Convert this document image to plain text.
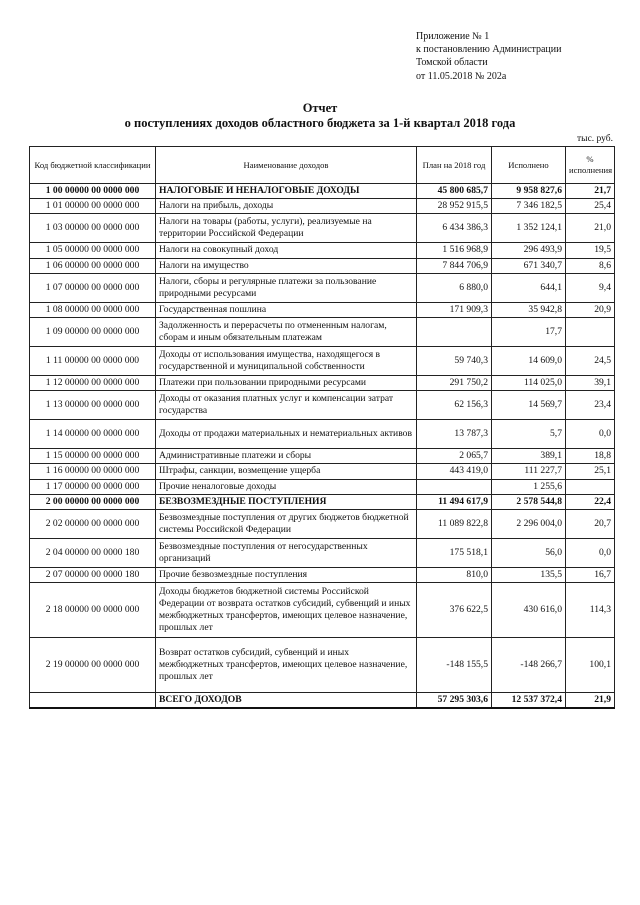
Приложение № 1
к постановлению Администрации
Томской области
от 11.05.2018 № 202а
Отчет
о поступлениях доходов областного бюджета за 1-й квартал 2018 года
тыс. руб.
Код бюджетной классификации	Наименование доходов	План на 2018 год	Исполнено	% исполнения
1 00 00000 00 0000 000	НАЛОГОВЫЕ И НЕНАЛОГОВЫЕ ДОХОДЫ	45 800 685,7	9 958 827,6	21,7
1 01 00000 00 0000 000	Налоги на прибыль, доходы	28 952 915,5	7 346 182,5	25,4
1 03 00000 00 0000 000	Налоги на товары (работы, услуги), реализуемые на территории Российской Федерации	6 434 386,3	1 352 124,1	21,0
1 05 00000 00 0000 000	Налоги на совокупный доход	1 516 968,9	296 493,9	19,5
1 06 00000 00 0000 000	Налоги на имущество	7 844 706,9	671 340,7	8,6
1 07 00000 00 0000 000	Налоги, сборы и регулярные платежи за пользование природными ресурсами	6 880,0	644,1	9,4
1 08 00000 00 0000 000	Государственная пошлина	171 909,3	35 942,8	20,9
1 09 00000 00 0000 000	Задолженность и перерасчеты по отмененным налогам, сборам и иным обязательным платежам		17,7	
1 11 00000 00 0000 000	Доходы от использования имущества, находящегося в государственной и муниципальной собственности	59 740,3	14 609,0	24,5
1 12 00000 00 0000 000	Платежи при пользовании природными ресурсами	291 750,2	114 025,0	39,1
1 13 00000 00 0000 000	Доходы от оказания платных услуг и компенсации затрат государства	62 156,3	14 569,7	23,4
1 14 00000 00 0000 000	Доходы от продажи материальных и нематериальных активов	13 787,3	5,7	0,0
1 15 00000 00 0000 000	Административные платежи и сборы	2 065,7	389,1	18,8
1 16 00000 00 0000 000	Штрафы, санкции, возмещение ущерба	443 419,0	111 227,7	25,1
1 17 00000 00 0000 000	Прочие неналоговые доходы		1 255,6	
2 00 00000 00 0000 000	БЕЗВОЗМЕЗДНЫЕ ПОСТУПЛЕНИЯ	11 494 617,9	2 578 544,8	22,4
2 02 00000 00 0000 000	Безвозмездные поступления от других бюджетов бюджетной системы Российской Федерации	11 089 822,8	2 296 004,0	20,7
2 04 00000 00 0000 180	Безвозмездные поступления от негосударственных организаций	175 518,1	56,0	0,0
2 07 00000 00 0000 180	Прочие безвозмездные поступления	810,0	135,5	16,7
2 18 00000 00 0000 000	Доходы бюджетов бюджетной системы Российской Федерации от возврата остатков субсидий, субвенций и иных межбюджетных трансфертов, имеющих целевое назначение, прошлых лет	376 622,5	430 616,0	114,3
2 19 00000 00 0000 000	Возврат остатков субсидий, субвенций и иных межбюджетных трансфертов, имеющих целевое назначение, прошлых лет	-148 155,5	-148 266,7	100,1
	ВСЕГО ДОХОДОВ	57 295 303,6	12 537 372,4	21,9
